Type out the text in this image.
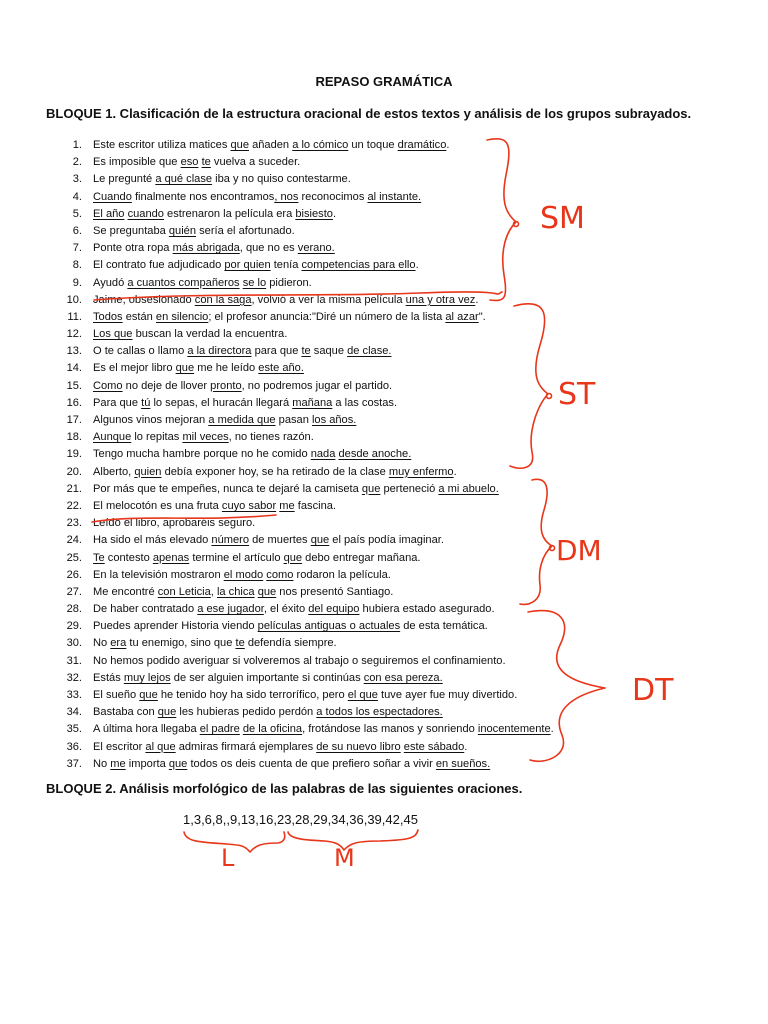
REPASO GRAMÁTICA
BLOQUE 1. Clasificación de la estructura oracional de estos textos y análisis de los grupos subrayados.
1. Este escritor utiliza matices que añaden a lo cómico un toque dramático.
2. Es imposible que eso te vuelva a suceder.
3. Le pregunté a qué clase iba y no quiso contestarme.
4. Cuando finalmente nos encontramos, nos reconocimos al instante.
5. El año cuando estrenaron la película era bisiesto.
6. Se preguntaba quién sería el afortunado.
7. Ponte otra ropa más abrigada, que no es verano.
8. El contrato fue adjudicado por quien tenía competencias para ello.
9. Ayudó a cuantos compañeros se lo pidieron.
10. Jaime, obsesionado con la saga, volvió a ver la misma película una y otra vez.
11. Todos están en silencio; el profesor anuncia:"Diré un número de la lista al azar".
12. Los que buscan la verdad la encuentra.
13. O te callas o llamo a la directora para que te saque de clase.
14. Es el mejor libro que me he leído este año.
15. Como no deje de llover pronto, no podremos jugar el partido.
16. Para que tú lo sepas, el huracán llegará mañana a las costas.
17. Algunos vinos mejoran a medida que pasan los años.
18. Aunque lo repitas mil veces, no tienes razón.
19. Tengo mucha hambre porque no he comido nada desde anoche.
20. Alberto, quien debía exponer hoy, se ha retirado de la clase muy enfermo.
21. Por más que te empeñes, nunca te dejaré la camiseta que perteneció a mi abuelo.
22. El melocotón es una fruta cuyo sabor me fascina.
23. Leído el libro, aprobaréis seguro.
24. Ha sido el más elevado número de muertes que el país podía imaginar.
25. Te contesto apenas termine el artículo que debo entregar mañana.
26. En la televisión mostraron el modo como rodaron la película.
27. Me encontré con Leticia, la chica que nos presentó Santiago.
28. De haber contratado a ese jugador, el éxito del equipo hubiera estado asegurado.
29. Puedes aprender Historia viendo películas antiguas o actuales de esta temática.
30. No era tu enemigo, sino que te defendía siempre.
31. No hemos podido averiguar si volveremos al trabajo o seguiremos el confinamiento.
32. Estás muy lejos de ser alguien importante si continúas con esa pereza.
33. El sueño que he tenido hoy ha sido terrorífico, pero el que tuve ayer fue muy divertido.
34. Bastaba con que les hubieras pedido perdón a todos los espectadores.
35. A última hora llegaba el padre de la oficina, frotándose las manos y sonriendo inocentemente.
36. El escritor al que admiras firmará ejemplares de su nuevo libro este sábado.
37. No me importa que todos os deis cuenta de que prefiero soñar a vivir en sueños.
BLOQUE 2. Análisis morfológico de las palabras de las siguientes oraciones.
1,3,6,8,,9,13,16,23,28,29,34,36,39,42,45
SM
ST
DM
DT
L	M
